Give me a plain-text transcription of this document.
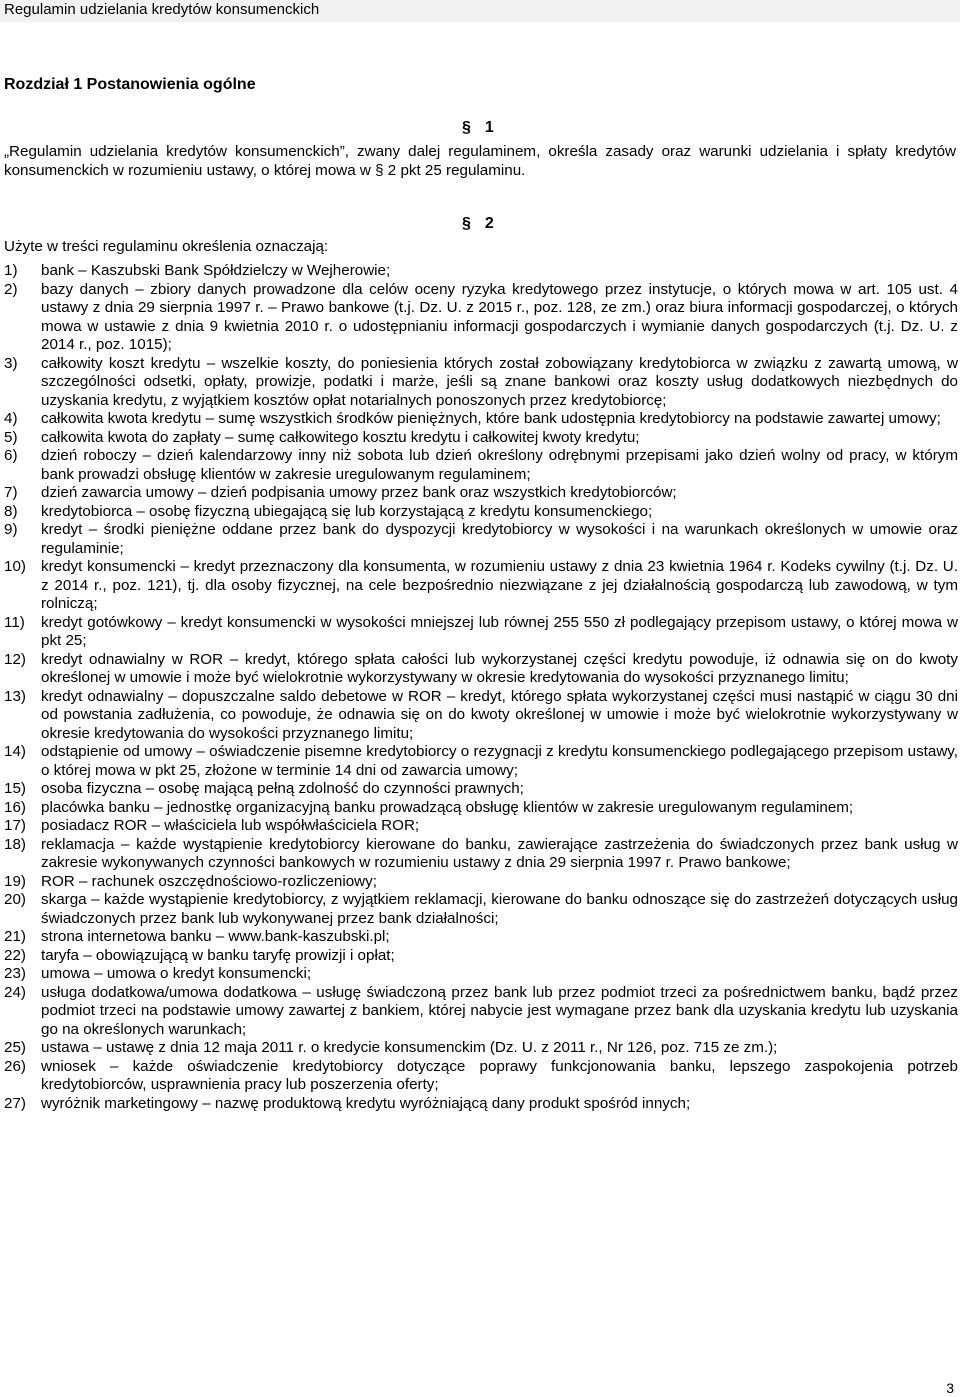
Regulamin udzielania kredytów konsumenckich
Rozdział 1 Postanowienia ogólne
§ 1

„Regulamin udzielania kredytów konsumenckich”, zwany dalej regulaminem, określa zasady oraz warunki udzielania i spłaty kredytów konsumenckich w rozumieniu ustawy, o której mowa w § 2 pkt 25 regulaminu.

§ 2

Użyte w treści regulaminu określenia oznaczają:

1)	bank – Kaszubski Bank Spółdzielczy w Wejherowie;
2)	bazy danych – zbiory danych prowadzone dla celów oceny ryzyka kredytowego przez instytucje, o których mowa w art. 105 ust. 4 ustawy z dnia 29 sierpnia 1997 r. – Prawo bankowe (t.j. Dz. U. z 2015 r., poz. 128, ze zm.) oraz biura informacji gospodarczej, o których mowa w ustawie z dnia 9 kwietnia 2010 r. o udostępnianiu informacji gospodarczych i wymianie danych gospodarczych (t.j. Dz. U. z 2014 r., poz. 1015);
3)	całkowity koszt kredytu – wszelkie koszty, do poniesienia których został zobowiązany kredytobiorca w związku z zawartą umową, w szczególności odsetki, opłaty, prowizje, podatki i marże, jeśli są znane bankowi oraz koszty usług dodatkowych niezbędnych do uzyskania kredytu, z wyjątkiem kosztów opłat notarialnych ponoszonych przez kredytobiorcę;
4)	całkowita kwota kredytu – sumę wszystkich środków pieniężnych, które bank udostępnia kredytobiorcy na podstawie zawartej umowy;
5)	całkowita kwota do zapłaty – sumę całkowitego kosztu kredytu i całkowitej kwoty kredytu;
6)	dzień roboczy – dzień kalendarzowy inny niż sobota lub dzień określony odrębnymi przepisami jako dzień wolny od pracy, w którym bank prowadzi obsługę klientów w zakresie uregulowanym regulaminem;
7)	dzień zawarcia umowy – dzień podpisania umowy przez bank oraz wszystkich kredytobiorców;
8)	kredytobiorca – osobę fizyczną ubiegającą się lub korzystającą z kredytu konsumenckiego;
9)	kredyt – środki pieniężne oddane przez bank do dyspozycji kredytobiorcy w wysokości i na warunkach określonych w umowie oraz regulaminie;
10) kredyt konsumencki – kredyt przeznaczony dla konsumenta, w rozumieniu ustawy z dnia 23 kwietnia 1964 r. Kodeks cywilny (t.j. Dz. U. z 2014 r., poz. 121), tj. dla osoby fizycznej, na cele bezpośrednio niezwiązane z jej działalnością gospodarczą lub zawodową, w tym rolniczą;
11)	kredyt gotówkowy – kredyt konsumencki w wysokości mniejszej lub równej 255 550 zł podlegający przepisom ustawy, o której mowa w pkt 25;
12) kredyt odnawialny w ROR – kredyt, którego spłata całości lub wykorzystanej części kredytu powoduje, iż odnawia się on do kwoty określonej w umowie i może być wielokrotnie wykorzystywany w okresie kredytowania do wysokości przyznanego limitu;
13) kredyt odnawialny – dopuszczalne saldo debetowe w ROR – kredyt, którego spłata wykorzystanej części musi nastąpić w ciągu 30 dni od powstania zadłużenia, co powoduje, że odnawia się on do kwoty określonej w umowie i może być wielokrotnie wykorzystywany w okresie kredytowania do wysokości przyznanego limitu;
14) odstąpienie od umowy – oświadczenie pisemne kredytobiorcy o rezygnacji z kredytu konsumenckiego podlegającego przepisom ustawy, o której mowa w pkt 25, złożone w terminie 14 dni od zawarcia umowy;
15) osoba fizyczna – osobę mającą pełną zdolność do czynności prawnych;
16) placówka banku – jednostkę organizacyjną banku prowadzącą obsługę klientów w zakresie uregulowanym regulaminem;
17) posiadacz ROR – właściciela lub współwłaściciela ROR;
18) reklamacja – każde wystąpienie kredytobiorcy kierowane do banku, zawierające zastrzeżenia do świadczonych przez bank usług w zakresie wykonywanych czynności bankowych w rozumieniu ustawy z dnia 29 sierpnia 1997 r. Prawo bankowe;
19) ROR – rachunek oszczędnościowo-rozliczeniowy;
20) skarga – każde wystąpienie kredytobiorcy, z wyjątkiem reklamacji, kierowane do banku odnoszące się do zastrzeżeń dotyczących usług świadczonych przez bank lub wykonywanej przez bank działalności;
21) strona internetowa banku – www.bank-kaszubski.pl;
22) taryfa – obowiązującą w banku taryfę prowizji i opłat;
23) umowa – umowa o kredyt konsumencki;
24) usługa dodatkowa/umowa dodatkowa – usługę świadczoną przez bank lub przez podmiot trzeci za pośrednictwem banku, bądź przez podmiot trzeci na podstawie umowy zawartej z bankiem, której nabycie jest wymagane przez bank dla uzyskania kredytu lub uzyskania go na określonych warunkach;
25) ustawa – ustawę z dnia 12 maja 2011 r. o kredycie konsumenckim (Dz. U. z 2011 r., Nr 126, poz. 715 ze zm.);
26) wniosek – każde oświadczenie kredytobiorcy dotyczące poprawy funkcjonowania banku, lepszego zaspokojenia potrzeb kredytobiorców, usprawnienia pracy lub poszerzenia oferty;
27) wyróżnik marketingowy – nazwę produktową kredytu wyróżniającą dany produkt spośród innych;
3
